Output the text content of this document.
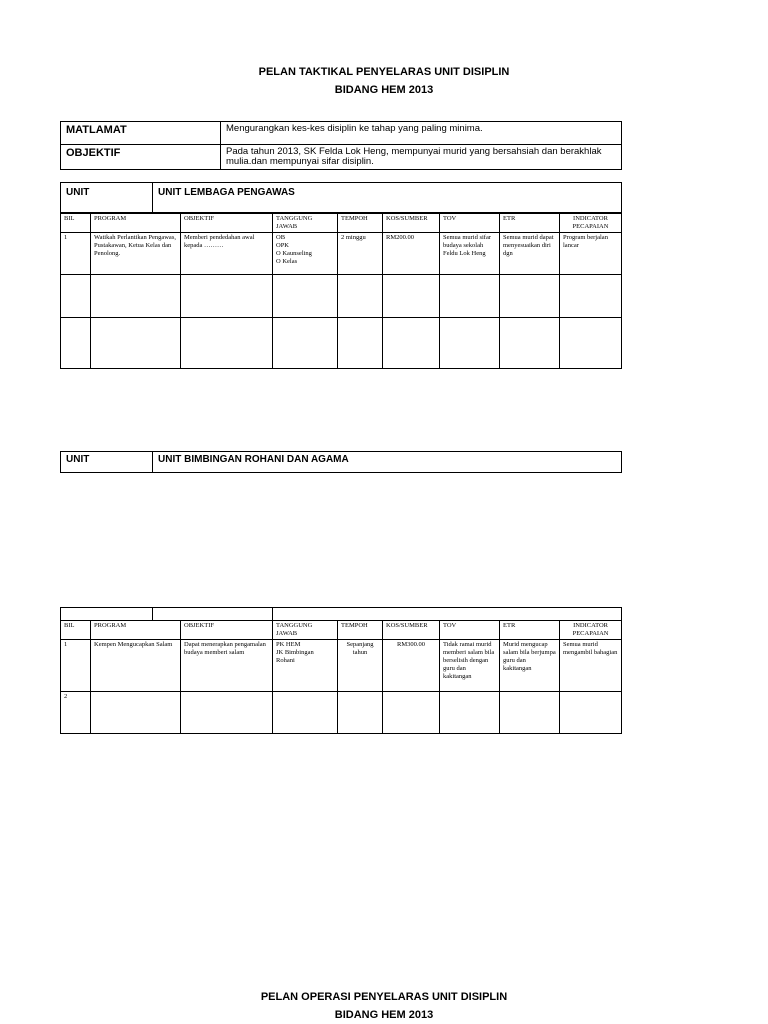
PELAN TAKTIKAL PENYELARAS UNIT DISIPLIN
BIDANG HEM 2013
MATLAMAT	Mengurangkan kes-kes disiplin ke tahap yang paling minima.
OBJEKTIF	Pada tahun 2013, SK Felda Lok Heng, mempunyai murid yang bersahsiah dan berakhlak mulia.dan mempunyai sifar disiplin.
UNIT	UNIT LEMBAGA PENGAWAS
BIL	PROGRAM	OBJEKTIF	TANGGUNG JAWAB	TEMPOH	KOS/SUMBER	TOV	ETR	INDICATOR PECAPAIAN
1	Watikah Perlantikan Pengawas, Pustakawan, Ketua Kelas dan Penolong.	Memberi pendedahan awal kepada ………	OB
OPK
O Kaunseling
O Kelas	2 minggu	RM200.00	Semua murid sifar budaya sekolah Feldu Lok Heng	Semua murid dapat menyesuaikan diri dgn	Program berjalan lancar

UNIT	UNIT BIMBINGAN ROHANI DAN AGAMA

BIL	PROGRAM	OBJEKTIF	TANGGUNG JAWAB	TEMPOH	KOS/SUMBER	TOV	ETR	INDICATOR PECAPAIAN
1	Kempen Mengucapkan Salam	Dapat menerapkan pengamalan budaya memberi salam	PK HEM
JK Bimbingan Rohani	Sepanjang tahun	RM300.00	Tidak ramai murid memberi salam bila berselisih dengan guru dan kakitangan	Murid mengucap salam bila berjumpa guru dan kakitangan	Semua murid mengambil bahagian
2								
PELAN OPERASI PENYELARAS UNIT DISIPLIN
BIDANG HEM 2013
